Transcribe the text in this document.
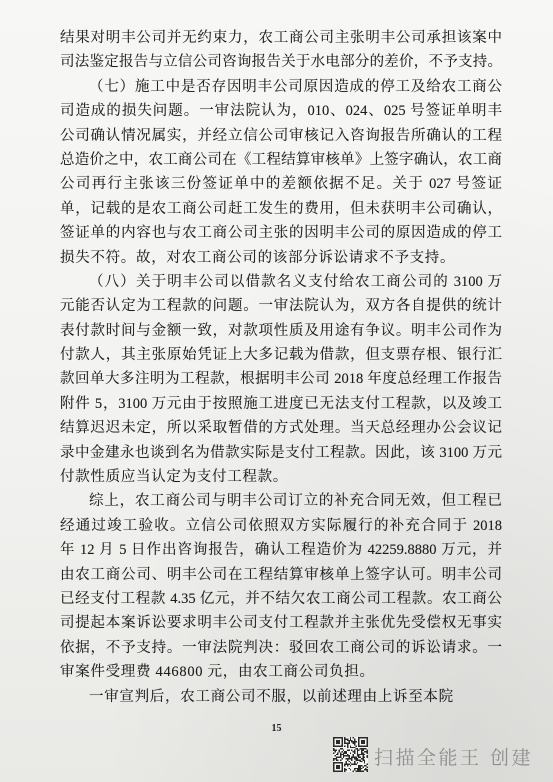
结果对明丰公司并无约束力，农工商公司主张明丰公司承担该案中
司法鉴定报告与立信公司咨询报告关于水电部分的差价，不予支持。
（七）施工中是否存因明丰公司原因造成的停工及给农工商公
司造成的损失问题。一审法院认为，010、024、025 号签证单明丰
公司确认情况属实，并经立信公司审核记入咨询报告所确认的工程
总造价之中，农工商公司在《工程结算审核单》上签字确认，农工商
公司再行主张该三份签证单中的差额依据不足。关于 027 号签证
单，记载的是农工商公司赶工发生的费用，但未获明丰公司确认，
签证单的内容也与农工商公司主张的因明丰公司的原因造成的停工
损失不符。故，对农工商公司的该部分诉讼请求不予支持。
（八）关于明丰公司以借款名义支付给农工商公司的 3100 万
元能否认定为工程款的问题。一审法院认为，双方各自提供的统计
表付款时间与金额一致，对款项性质及用途有争议。明丰公司作为
付款人，其主张原始凭证上大多记载为借款，但支票存根、银行汇
款回单大多注明为工程款，根据明丰公司 2018 年度总经理工作报告
附件 5，3100 万元由于按照施工进度已无法支付工程款，以及竣工
结算迟迟未定，所以采取暂借的方式处理。当天总经理办公会议记
录中金建永也谈到名为借款实际是支付工程款。因此，该 3100 万元
付款性质应当认定为支付工程款。
综上，农工商公司与明丰公司订立的补充合同无效，但工程已
经通过竣工验收。立信公司依照双方实际履行的补充合同于 2018
年 12 月 5 日作出咨询报告，确认工程造价为 42259.8880 万元，并
由农工商公司、明丰公司在工程结算审核单上签字认可。明丰公司
已经支付工程款 4.35 亿元，并不结欠农工商公司工程款。农工商公
司提起本案诉讼要求明丰公司支付工程款并主张优先受偿权无事实
依据，不予支持。一审法院判决：驳回农工商公司的诉讼请求。一
审案件受理费 446800 元，由农工商公司负担。
一审宣判后，农工商公司不服，以前述理由上诉至本院
15
扫描全能王 创建
